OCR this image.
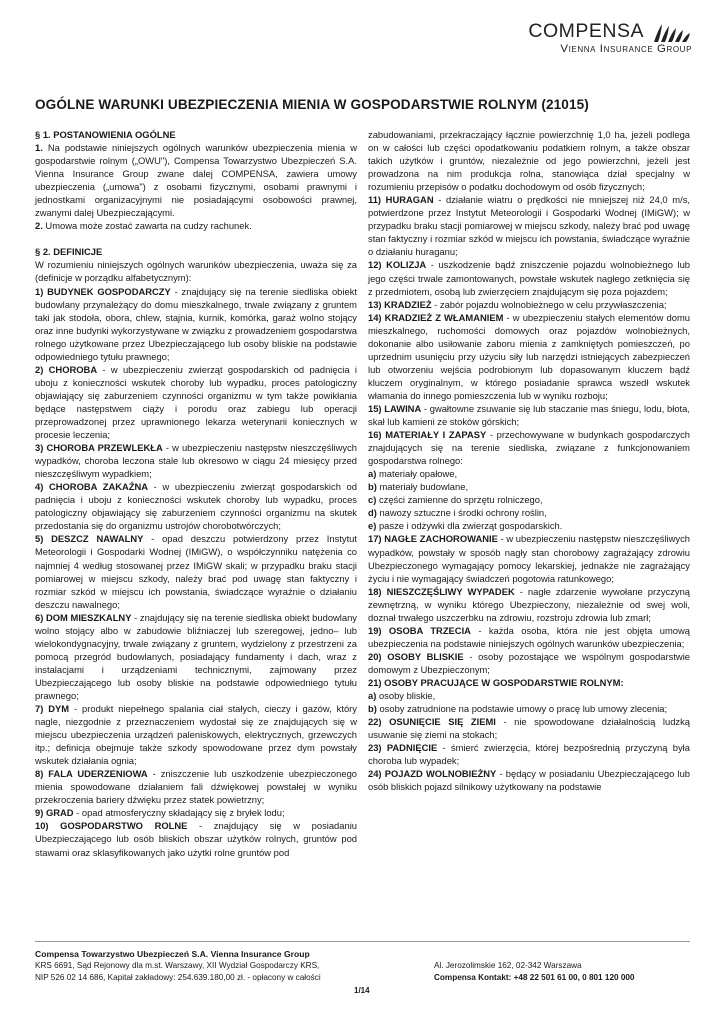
COMPENSA
Vienna Insurance Group
OGÓLNE WARUNKI UBEZPIECZENIA MIENIA W GOSPODARSTWIE ROLNYM (21015)

§ 1. POSTANOWIENIA OGÓLNE

1. Na podstawie niniejszych ogólnych warunków ubezpieczenia mienia w gospodarstwie rolnym („OWU"), Compensa Towarzystwo Ubezpieczeń S.A. Vienna Insurance Group zwane dalej COMPENSA, zawiera umowy ubezpieczenia („umowa") z osobami fizycznymi, osobami prawnymi i jednostkami organizacyjnymi nie posiadającymi osobowości prawnej, zwanymi dalej Ubezpieczającymi.

2. Umowa może zostać zawarta na cudzy rachunek.

§ 2. DEFINICJE

W rozumieniu niniejszych ogólnych warunków ubezpieczenia, uważa się za (definicje w porządku alfabetycznym):

1) BUDYNEK GOSPODARCZY - znajdujący się na terenie siedliska obiekt budowlany przynależący do domu mieszkalnego, trwale związany z gruntem taki jak stodoła, obora, chlew, stajnia, kurnik, komórka, garaż wolno stojący oraz inne budynki wykorzystywane w związku z prowadzeniem gospodarstwa rolnego użytkowane przez Ubezpieczającego lub osoby bliskie na podstawie odpowiedniego tytułu prawnego;

2) CHOROBA - w ubezpieczeniu zwierząt gospodarskich od padnięcia i uboju z konieczności wskutek choroby lub wypadku, proces patologiczny objawiający się zaburzeniem czynności organizmu w tym także powikłania będące następstwem ciąży i porodu oraz zabiegu lub operacji przeprowadzonej przez uprawnionego lekarza weterynarii koniecznych w procesie leczenia;

3) CHOROBA PRZEWLEKŁA - w ubezpieczeniu następstw nieszczęśliwych wypadków, choroba leczona stale lub okresowo w ciągu 24 miesięcy przed nieszczęśliwym wypadkiem;

4) CHOROBA ZAKAŹNA - w ubezpieczeniu zwierząt gospodarskich od padnięcia i uboju z konieczności wskutek choroby lub wypadku, proces patologiczny objawiający się zaburzeniem czynności organizmu na skutek przedostania się do organizmu ustrojów chorobotwórczych;

5) DESZCZ NAWALNY - opad deszczu potwierdzony przez Instytut Meteorologii i Gospodarki Wodnej (IMiGW), o współczynniku natężenia co najmniej 4 według stosowanej przez IMiGW skali; w przypadku braku stacji pomiarowej w miejscu szkody, należy brać pod uwagę stan faktyczny i rozmiar szkód w miejscu ich powstania, świadczące wyraźnie o działaniu deszczu nawalnego;

6) DOM MIESZKALNY - znajdujący się na terenie siedliska obiekt budowlany wolno stojący albo w zabudowie bliźniaczej lub szeregowej, jedno– lub wielokondygnacyjny, trwale związany z gruntem, wydzielony z przestrzeni za pomocą przegród budowlanych, posiadający fundamenty i dach, wraz z instalacjami i urządzeniami technicznymi, zajmowany przez Ubezpieczającego lub osoby bliskie na podstawie odpowiedniego tytułu prawnego;

7) DYM - produkt niepełnego spalania ciał stałych, cieczy i gazów, który nagle, niezgodnie z przeznaczeniem wydostał się ze znajdujących się w miejscu ubezpieczenia urządzeń paleniskowych, elektrycznych, grzewczych itp.; definicja obejmuje także szkody spowodowane przez dym powstały wskutek działania ognia;

8) FALA UDERZENIOWA - zniszczenie lub uszkodzenie ubezpieczonego mienia spowodowane działaniem fali dźwiękowej powstałej w wyniku przekroczenia bariery dźwięku przez statek powietrzny;

9) GRAD - opad atmosferyczny składający się z bryłek lodu;

10) GOSPODARSTWO ROLNE - znajdujący się w posiadaniu Ubezpieczającego lub osób bliskich obszar użytków rolnych, gruntów pod stawami oraz sklasyfikowanych jako użytki rolne gruntów pod

zabudowaniami, przekraczający łącznie powierzchnię 1,0 ha, jeżeli podlega on w całości lub części opodatkowaniu podatkiem rolnym, a także obszar takich użytków i gruntów, niezależnie od jego powierzchni, jeżeli jest prowadzona na nim produkcja rolna, stanowiąca dział specjalny w rozumieniu przepisów o podatku dochodowym od osób fizycznych;

11) HURAGAN - działanie wiatru o prędkości nie mniejszej niż 24,0 m/s, potwierdzone przez Instytut Meteorologii i Gospodarki Wodnej (IMiGW); w przypadku braku stacji pomiarowej w miejscu szkody, należy brać pod uwagę stan faktyczny i rozmiar szkód w miejscu ich powstania, świadczące wyraźnie o działaniu huraganu;

12) KOLIZJA - uszkodzenie bądź zniszczenie pojazdu wolnobieżnego lub jego części trwale zamontowanych, powstałe wskutek nagłego zetknięcia się z przedmiotem, osobą lub zwierzęciem znajdującym się poza pojazdem;

13) KRADZIEŻ - zabór pojazdu wolnobieżnego w celu przywłaszczenia;

14) KRADZIEŻ Z WŁAMANIEM - w ubezpieczeniu stałych elementów domu mieszkalnego, ruchomości domowych oraz pojazdów wolnobieżnych, dokonanie albo usiłowanie zaboru mienia z zamkniętych pomieszczeń, po uprzednim usunięciu przy użyciu siły lub narzędzi istniejących zabezpieczeń lub otworzeniu wejścia podrobionym lub dopasowanym kluczem bądź kluczem oryginalnym, w którego posiadanie sprawca wszedł wskutek włamania do innego pomieszczenia lub w wyniku rozboju;

15) LAWINA - gwałtowne zsuwanie się lub staczanie mas śniegu, lodu, błota, skał lub kamieni ze stoków górskich;

16) MATERIAŁY I ZAPASY - przechowywane w budynkach gospodarczych znajdujących się na terenie siedliska, związane z funkcjonowaniem gospodarstwa rolnego:

a) materiały opałowe,

b) materiały budowlane,

c) części zamienne do sprzętu rolniczego,

d) nawozy sztuczne i środki ochrony roślin,

e) pasze i odżywki dla zwierząt gospodarskich.

17) NAGŁE ZACHOROWANIE - w ubezpieczeniu następstw nieszczęśliwych wypadków, powstały w sposób nagły stan chorobowy zagrażający zdrowiu Ubezpieczonego wymagający pomocy lekarskiej, jednakże nie zagrażający życiu i nie wymagający świadczeń pogotowia ratunkowego;

18) NIESZCZĘŚLIWY WYPADEK - nagłe zdarzenie wywołane przyczyną zewnętrzną, w wyniku którego Ubezpieczony, niezależnie od swej woli, doznał trwałego uszczerbku na zdrowiu, rozstroju zdrowia lub zmarł;

19) OSOBA TRZECIA - każda osoba, która nie jest objęta umową ubezpieczenia na podstawie niniejszych ogólnych warunków ubezpieczenia;

20) OSOBY BLISKIE - osoby pozostające we wspólnym gospodarstwie domowym z Ubezpieczonym;

21) OSOBY PRACUJĄCE W GOSPODARSTWIE ROLNYM:

a) osoby bliskie,

b) osoby zatrudnione na podstawie umowy o pracę lub umowy zlecenia;

22) OSUNIĘCIE SIĘ ZIEMI - nie spowodowane działalnością ludzką usuwanie się ziemi na stokach;

23) PADNIĘCIE - śmierć zwierzęcia, której bezpośrednią przyczyną była choroba lub wypadek;

24) POJAZD WOLNOBIEŻNY - będący w posiadaniu Ubezpieczającego lub osób bliskich pojazd silnikowy użytkowany na podstawie

Compensa Towarzystwo Ubezpieczeń S.A. Vienna Insurance Group
KRS 6691, Sąd Rejonowy dla m.st. Warszawy, XII Wydział Gospodarczy KRS,
NIP 526 02 14 686, Kapitał zakładowy: 254.639.180,00 zł. - opłacony w całości
Al. Jerozolimskie 162, 02-342 Warszawa
Compensa Kontakt: +48 22 501 61 00, 0 801 120 000
1/14
